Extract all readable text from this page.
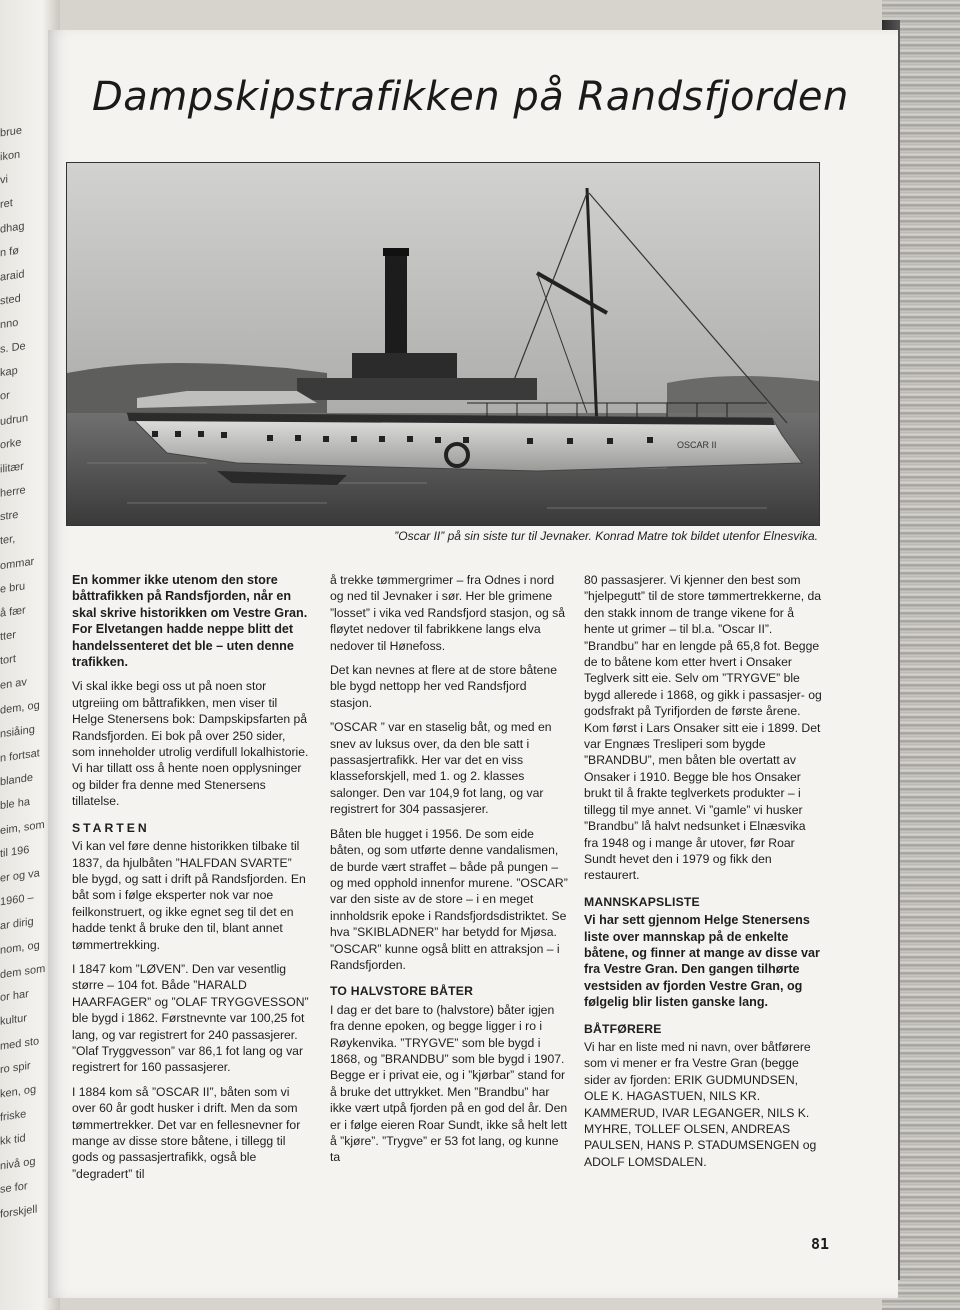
brue
ikon
vi
ret
dhag
n fø
araid
sted
nno
s. De
kap
or
udrun
orke
ilitær
herre
stre
ter,
ommar
e bru
å fær
tter
tort
en av
dem, og
nsiåing
n fortsat
blande
ble ha
eim, som
til 196
er og va
1960 –
ar dirig
nom, og
dem som
or har
kultur
med sto
ro spir
ken, og
friske
kk tid
nivå og
se for
forskjell
Dampskipstrafikken på Randsfjorden
OSCAR II
”Oscar II” på sin siste tur til Jevnaker. Konrad Matre tok bildet utenfor Elnesvika.

En kommer ikke utenom den store båttrafikken på Randsfjorden, når en skal skrive historikken om Vestre Gran. For Elvetangen hadde neppe blitt det handelssenteret det ble – uten denne trafikken.

Vi skal ikke begi oss ut på noen stor utgreiing om båttrafikken, men viser til Helge Stenersens bok: Dampskipsfarten på Randsfjorden. Ei bok på over 250 sider, som inneholder utrolig verdifull lokalhistorie. Vi har tillatt oss å hente noen opplysninger og bilder fra denne med Stenersens tillatelse.

STARTEN

Vi kan vel føre denne historikken tilbake til 1837, da hjulbåten ”HALFDAN SVARTE” ble bygd, og satt i drift på Randsfjorden. En båt som i følge eksperter nok var noe feilkonstruert, og ikke egnet seg til det en hadde tenkt å bruke den til, blant annet tømmertrekking.

I 1847 kom ”LØVEN”. Den var vesentlig større – 104 fot. Både ”HARALD HAARFAGER” og ”OLAF TRYGGVESSON” ble bygd i 1862. Førstnevnte var 100,25 fot lang, og var registrert for 240 passasjerer. ”Olaf Tryggvesson” var 86,1 fot lang og var registrert for 160 passasjerer.

I 1884 kom så ”OSCAR II”, båten som vi over 60 år godt husker i drift. Men da som tømmertrekker. Det var en fellesnevner for mange av disse store båtene, i tillegg til gods og passasjertrafikk, også ble ”degradert” til

å trekke tømmergrimer – fra Odnes i nord og ned til Jevnaker i sør. Her ble grimene ”losset” i vika ved Randsfjord stasjon, og så fløytet nedover til fabrikkene langs elva nedover til Hønefoss.

Det kan nevnes at flere at de store båtene ble bygd nettopp her ved Randsfjord stasjon.

”OSCAR ” var en staselig båt, og med en snev av luksus over, da den ble satt i passasjertrafikk. Her var det en viss klasseforskjell, med 1. og 2. klasses salonger. Den var 104,9 fot lang, og var registrert for 304 passasjerer.

Båten ble hugget i 1956. De som eide båten, og som utførte denne vandalismen, de burde vært straffet – både på pungen – og med opphold innenfor murene. ”OSCAR” var den siste av de store – i en meget innholdsrik epoke i Randsfjordsdistriktet. Se hva ”SKIBLADNER” har betydd for Mjøsa. ”OSCAR” kunne også blitt en attraksjon – i Randsfjorden.

TO HALVSTORE BÅTER

I dag er det bare to (halvstore) båter igjen fra denne epoken, og begge ligger i ro i Røykenvika. ”TRYGVE” som ble bygd i 1868, og ”BRANDBU” som ble bygd i 1907. Begge er i privat eie, og i ”kjørbar” stand for å bruke det uttrykket. Men ”Brandbu” har ikke vært utpå fjorden på en god del år. Den er i følge eieren Roar Sundt, ikke så helt lett å ”kjøre”. ”Trygve” er 53 fot lang, og kunne ta

80 passasjerer. Vi kjenner den best som ”hjelpegutt” til de store tømmertrekkerne, da den stakk innom de trange vikene for å hente ut grimer – til bl.a. ”Oscar II”. ”Brandbu” har en lengde på 65,8 fot. Begge de to båtene kom etter hvert i Onsaker Teglverk sitt eie. Selv om ”TRYGVE” ble bygd allerede i 1868, og gikk i passasjer- og godsfrakt på Tyrifjorden de første årene. Kom først i Lars Onsaker sitt eie i 1899. Det var Engnæs Tresliperi som bygde ”BRANDBU”, men båten ble overtatt av Onsaker i 1910. Begge ble hos Onsaker brukt til å frakte teglverkets produkter – i tillegg til mye annet. Vi ”gamle” vi husker ”Brandbu” lå halvt nedsunket i Elnæsvika fra 1948 og i mange år utover, før Roar Sundt hevet den i 1979 og fikk den restaurert.

MANNSKAPSLISTE

Vi har sett gjennom Helge Stenersens liste over mannskap på de enkelte båtene, og finner at mange av disse var fra Vestre Gran. Den gangen tilhørte vestsiden av fjorden Vestre Gran, og følgelig blir listen ganske lang.

BÅTFØRERE

Vi har en liste med ni navn, over båtførere som vi mener er fra Vestre Gran (begge sider av fjorden: ERIK GUDMUNDSEN, OLE K. HAGASTUEN, NILS KR. KAMMERUD, IVAR LEGANGER, NILS K. MYHRE, TOLLEF OLSEN, ANDREAS PAULSEN, HANS P. STADUMSENGEN og ADOLF LOMSDALEN.

81
